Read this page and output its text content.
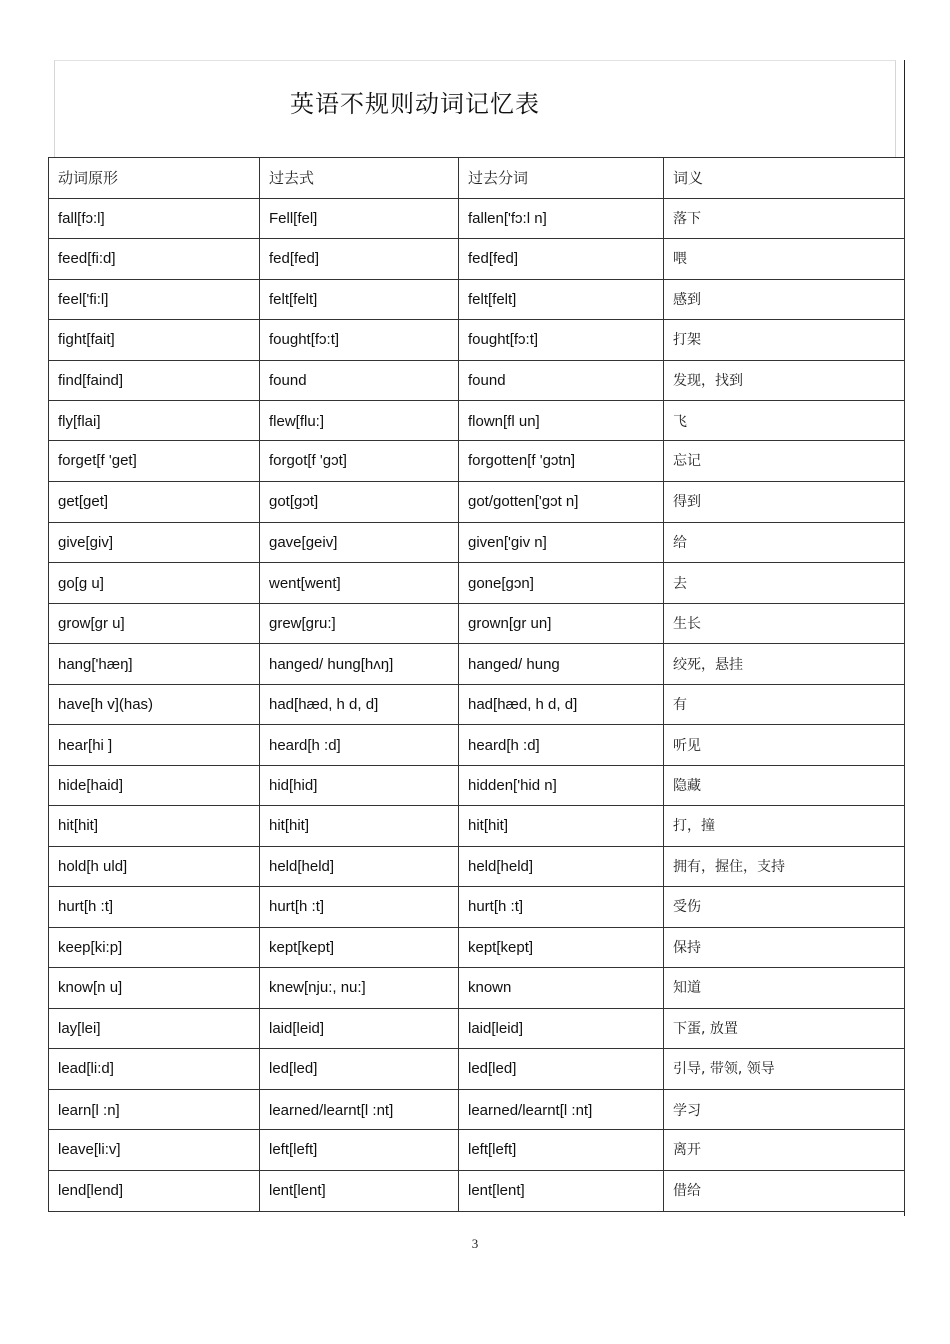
英语不规则动词记忆表
动词原形	过去式	过去分词	词义
fall[fɔ:l]	Fell[fel]	fallen['fɔ:l n]	落下
feed[fi:d]	fed[fed]	fed[fed]	喂
feel['fi:l]	felt[felt]	felt[felt]	感到
fight[fait]	fought[fɔ:t]	fought[fɔ:t]	打架
find[faind]	found	found	发现，找到
fly[flai]	flew[flu:]	flown[fl un]	飞
forget[f 'ɡet]	forgot[f 'ɡɔt]	forgotten[f 'ɡɔtn]	忘记
get[ɡet]	got[ɡɔt]	got/gotten['ɡɔt n]	得到
give[ɡiv]	gave[ɡeiv]	given['ɡiv n]	给
go[ɡ u]	went[went]	gone[ɡɔn]	去
grow[ɡr u]	grew[ɡru:]	grown[ɡr un]	生长
hang['hæŋ]	hanged/ hung[hʌŋ]	hanged/ hung	绞死，悬挂
have[h v](has)	had[hæd, h d, d]	had[hæd, h d, d]	有
hear[hi ]	heard[h :d]	heard[h :d]	听见
hide[haid]	hid[hid]	hidden['hid n]	隐藏
hit[hit]	hit[hit]	hit[hit]	打，撞
hold[h uld]	held[held]	held[held]	拥有，握住，支持
hurt[h :t]	hurt[h :t]	hurt[h :t]	受伤
keep[ki:p]	kept[kept]	kept[kept]	保持
know[n u]	knew[nju:, nu:]	known	知道
lay[lei]	laid[leid]	laid[leid]	下蛋, 放置
lead[li:d]	led[led]	led[led]	引导, 带领, 领导
learn[l :n]	learned/learnt[l :nt]	learned/learnt[l :nt]	学习
leave[li:v]	left[left]	left[left]	离开
lend[lend]	lent[lent]	lent[lent]	借给
3
